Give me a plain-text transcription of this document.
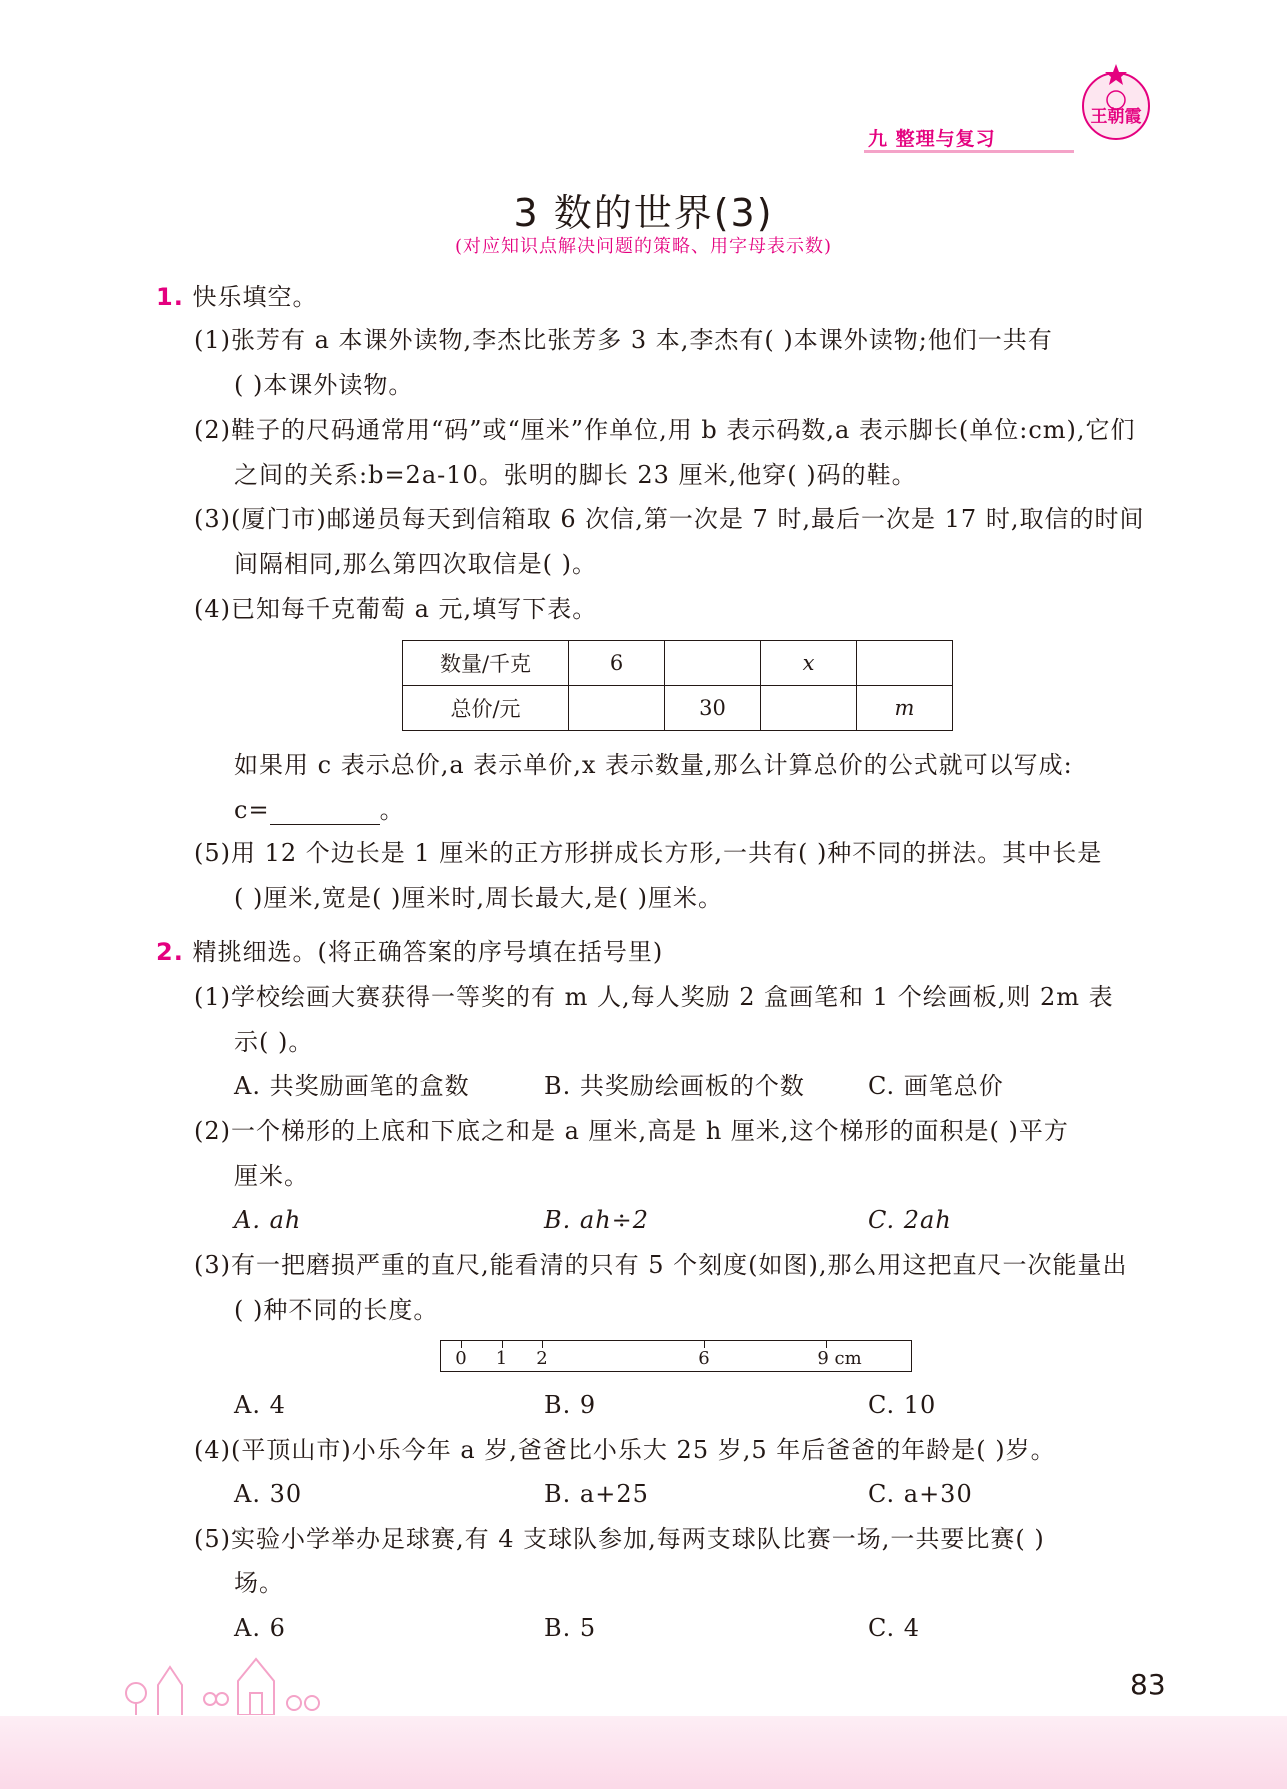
王朝霞
九 整理与复习
3 数的世界(3)
(对应知识点解决问题的策略、用字母表示数)
1. 快乐填空。
(1)张芳有 a 本课外读物,李杰比张芳多 3 本,李杰有( )本课外读物;他们一共有
( )本课外读物。
(2)鞋子的尺码通常用“码”或“厘米”作单位,用 b 表示码数,a 表示脚长(单位:cm),它们
之间的关系:b=2a-10。张明的脚长 23 厘米,他穿( )码的鞋。
(3)(厦门市)邮递员每天到信箱取 6 次信,第一次是 7 时,最后一次是 17 时,取信的时间
间隔相同,那么第四次取信是( )。
(4)已知每千克葡萄 a 元,填写下表。
数量/千克	6		x	
总价/元		30		m
如果用 c 表示总价,a 表示单价,x 表示数量,那么计算总价的公式就可以写成:
c=	。
(5)用 12 个边长是 1 厘米的正方形拼成长方形,一共有( )种不同的拼法。其中长是
( )厘米,宽是( )厘米时,周长最大,是( )厘米。
2. 精挑细选。(将正确答案的序号填在括号里)
(1)学校绘画大赛获得一等奖的有 m 人,每人奖励 2 盒画笔和 1 个绘画板,则 2m 表
示( )。
A. 共奖励画笔的盒数	B. 共奖励绘画板的个数	C. 画笔总价
(2)一个梯形的上底和下底之和是 a 厘米,高是 h 厘米,这个梯形的面积是( )平方
厘米。
A. ah	B. ah÷2	C. 2ah
(3)有一把磨损严重的直尺,能看清的只有 5 个刻度(如图),那么用这把直尺一次能量出
( )种不同的长度。
0 1 2	6	9 cm
A. 4	B. 9	C. 10
(4)(平顶山市)小乐今年 a 岁,爸爸比小乐大 25 岁,5 年后爸爸的年龄是( )岁。
A. 30	B. a+25	C. a+30
(5)实验小学举办足球赛,有 4 支球队参加,每两支球队比赛一场,一共要比赛( )
场。
A. 6	B. 5	C. 4
83
